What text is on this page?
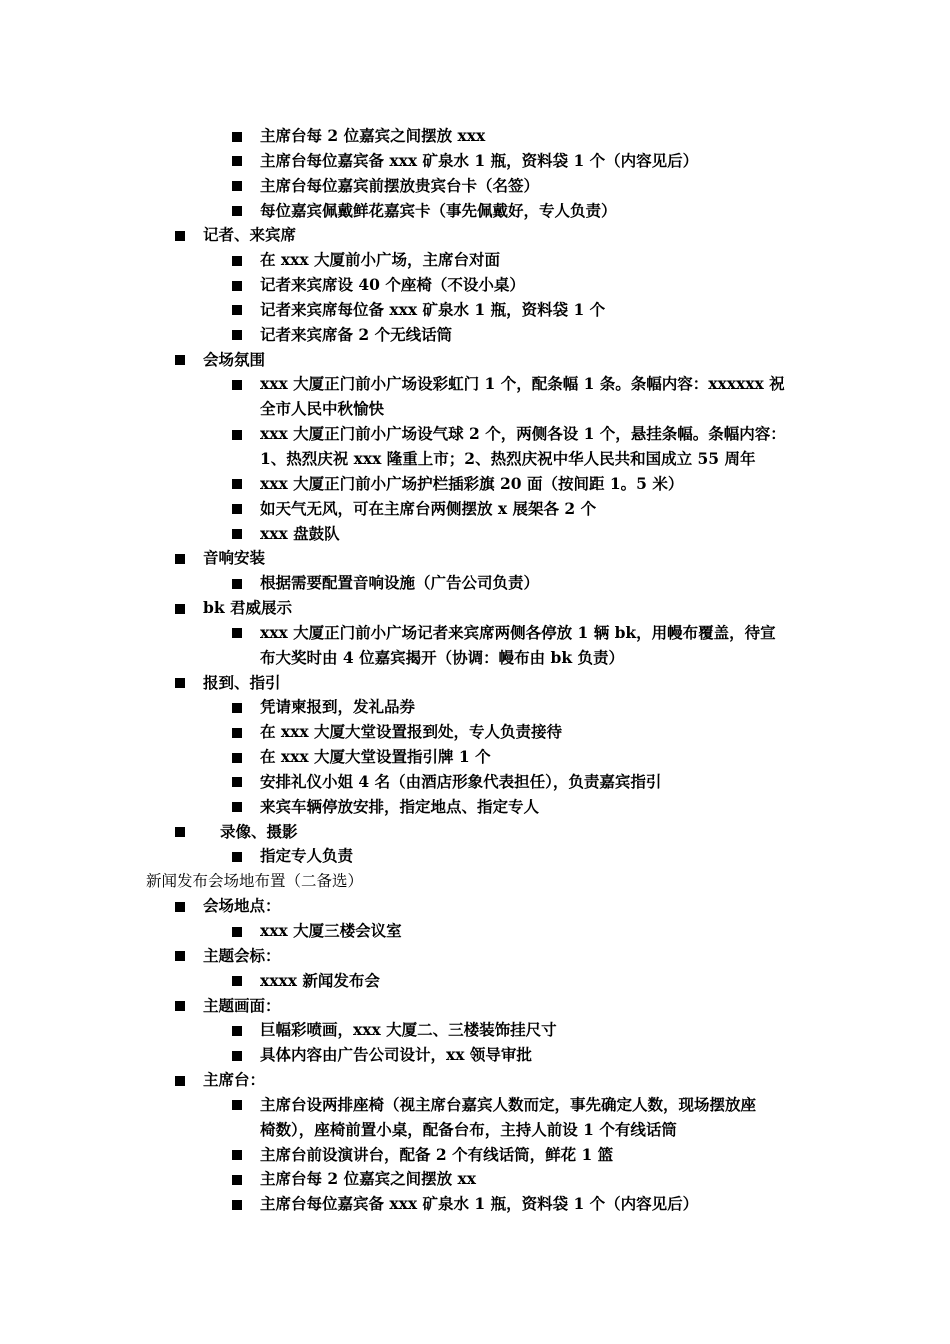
主席台每 2 位嘉宾之间摆放 xxx
主席台每位嘉宾备 xxx 矿泉水 1 瓶，资料袋 1 个（内容见后）
主席台每位嘉宾前摆放贵宾台卡（名签）
每位嘉宾佩戴鲜花嘉宾卡（事先佩戴好，专人负责）
记者、来宾席
在 xxx 大厦前小广场，主席台对面
记者来宾席设 40 个座椅（不设小桌）
记者来宾席每位备 xxx 矿泉水 1 瓶，资料袋 1 个
记者来宾席备 2 个无线话筒
会场氛围
xxx 大厦正门前小广场设彩虹门 1 个，配条幅 1 条。条幅内容：xxxxxx 祝
全市人民中秋愉快
xxx 大厦正门前小广场设气球 2 个，两侧各设 1 个，悬挂条幅。条幅内容：
1、热烈庆祝 xxx 隆重上市；2、热烈庆祝中华人民共和国成立 55 周年
xxx 大厦正门前小广场护栏插彩旗 20 面（按间距 1。5 米）
如天气无风，可在主席台两侧摆放 x 展架各 2 个
xxx 盘鼓队
音响安装
根据需要配置音响设施（广告公司负责）
bk 君威展示
xxx 大厦正门前小广场记者来宾席两侧各停放 1 辆 bk，用幔布覆盖，待宣
布大奖时由 4 位嘉宾揭开（协调：幔布由 bk 负责）
报到、指引
凭请柬报到，发礼品券
在 xxx 大厦大堂设置报到处，专人负责接待
在 xxx 大厦大堂设置指引牌 1 个
安排礼仪小姐 4 名（由酒店形象代表担任），负责嘉宾指引
来宾车辆停放安排，指定地点、指定专人
录像、摄影
指定专人负责
新闻发布会场地布置（二备选）
会场地点：
xxx 大厦三楼会议室
主题会标：
xxxx 新闻发布会
主题画面：
巨幅彩喷画，xxx 大厦二、三楼装饰挂尺寸
具体内容由广告公司设计，xx 领导审批
主席台：
主席台设两排座椅（视主席台嘉宾人数而定，事先确定人数，现场摆放座
椅数），座椅前置小桌，配备台布，主持人前设 1 个有线话筒
主席台前设演讲台，配备 2 个有线话筒，鲜花 1 篮
主席台每 2 位嘉宾之间摆放 xx
主席台每位嘉宾备 xxx 矿泉水 1 瓶，资料袋 1 个（内容见后）
